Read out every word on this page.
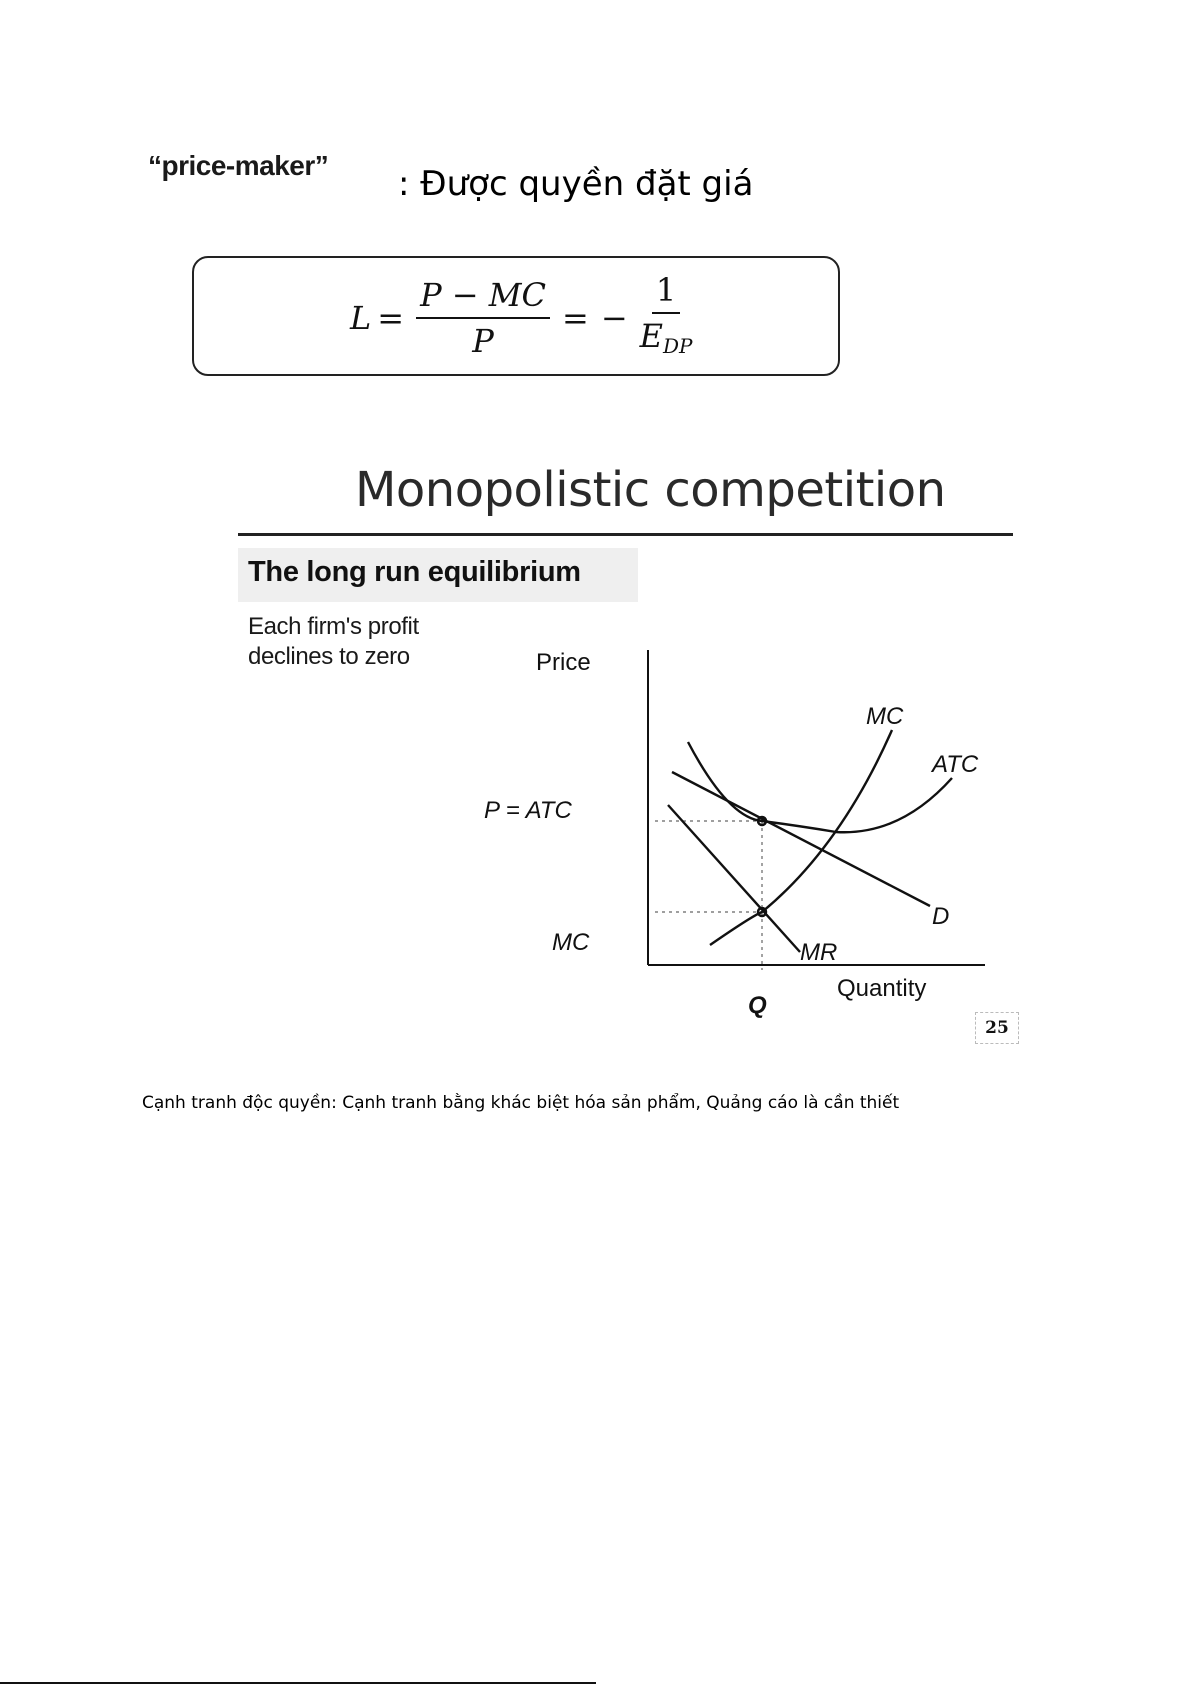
“price-maker” : Được quyền đặt giá
$L = \frac{P - MC}{P}$ = − $\frac{1}{E_{DP}}$
Monopolistic competition
The long run equilibrium
Each firm's profit
declines to zero	Price
Quantity
P = ATC
MC
Q
MC
ATC
D
MR
25
Cạnh tranh độc quyền: Cạnh tranh bằng khác biệt hóa sản phẩm, Quảng cáo là cần thiết
